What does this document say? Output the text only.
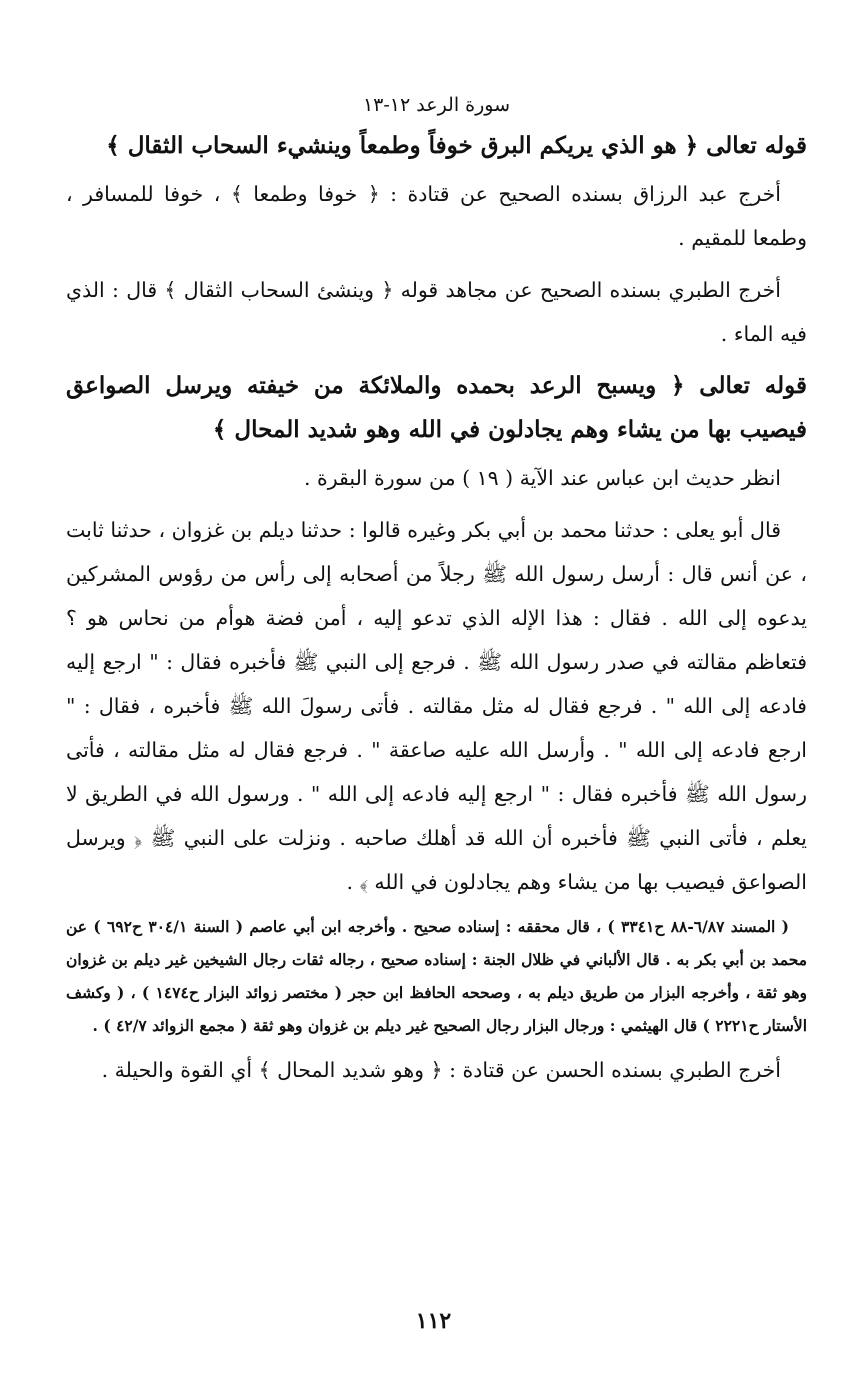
سورة الرعد ١٢-١٣
قوله تعالى ﴿ هو الذي يريكم البرق خوفاً وطمعاً وينشيء السحاب الثقال ﴾

أخرج عبد الرزاق بسنده الصحيح عن قتادة : ﴿ خوفا وطمعا ﴾ ، خوفا للمسافر ، وطمعا للمقيم .

أخرج الطبري بسنده الصحيح عن مجاهد قوله ﴿ وينشئ السحاب الثقال ﴾ قال : الذي فيه الماء .

قوله تعالى ﴿ ويسبح الرعد بحمده والملائكة من خيفته ويرسل الصواعق فيصيب بها من يشاء وهم يجادلون في الله وهو شديد المحال ﴾

انظر حديث ابن عباس عند الآية ( ١٩ ) من سورة البقرة .

قال أبو يعلى : حدثنا محمد بن أبي بكر وغيره قالوا : حدثنا ديلم بن غزوان ، حدثنا ثابت ، عن أنس قال : أرسل رسول الله ﷺ رجلاً من أصحابه إلى رأس من رؤوس المشركين يدعوه إلى الله . فقال : هذا الإله الذي تدعو إليه ، أمن فضة هوأم من نحاس هو ؟ فتعاظم مقالته في صدر رسول الله ﷺ . فرجع إلى النبي ﷺ فأخبره فقال : " ارجع إليه فادعه إلى الله " . فرجع فقال له مثل مقالته . فأتى رسولَ الله ﷺ فأخبره ، فقال : " ارجع فادعه إلى الله " . وأرسل الله عليه صاعقة " . فرجع فقال له مثل مقالته ، فأتى رسول الله ﷺ فأخبره فقال : " ارجع إليه فادعه إلى الله " . ورسول الله في الطريق لا يعلم ، فأتى النبي ﷺ فأخبره أن الله قد أهلك صاحبه . ونزلت على النبي ﷺ ﴿ ويرسل الصواعق فيصيب بها من يشاء وهم يجادلون في الله ﴾ .

( المسند ٦/٨٧-٨٨ ح٣٣٤١ ) ، قال محققه : إسناده صحيح . وأخرجه ابن أبي عاصم ( السنة ٣٠٤/١ ح٦٩٢ ) عن محمد بن أبي بكر به . قال الألباني في ظلال الجنة : إسناده صحيح ، رجاله ثقات رجال الشيخين غير ديلم بن غزوان وهو ثقة ، وأخرجه البزار من طريق ديلم به ، وصححه الحافظ ابن حجر ( مختصر زوائد البزار ح١٤٧٤ ) ، ( وكشف الأستار ح٢٢٢١ ) قال الهيثمي : ورجال البزار رجال الصحيح غير ديلم بن غزوان وهو ثقة ( مجمع الزوائد ٤٢/٧ ) .

أخرج الطبري بسنده الحسن عن قتادة : ﴿ وهو شديد المحال ﴾ أي القوة والحيلة .

١١٢
